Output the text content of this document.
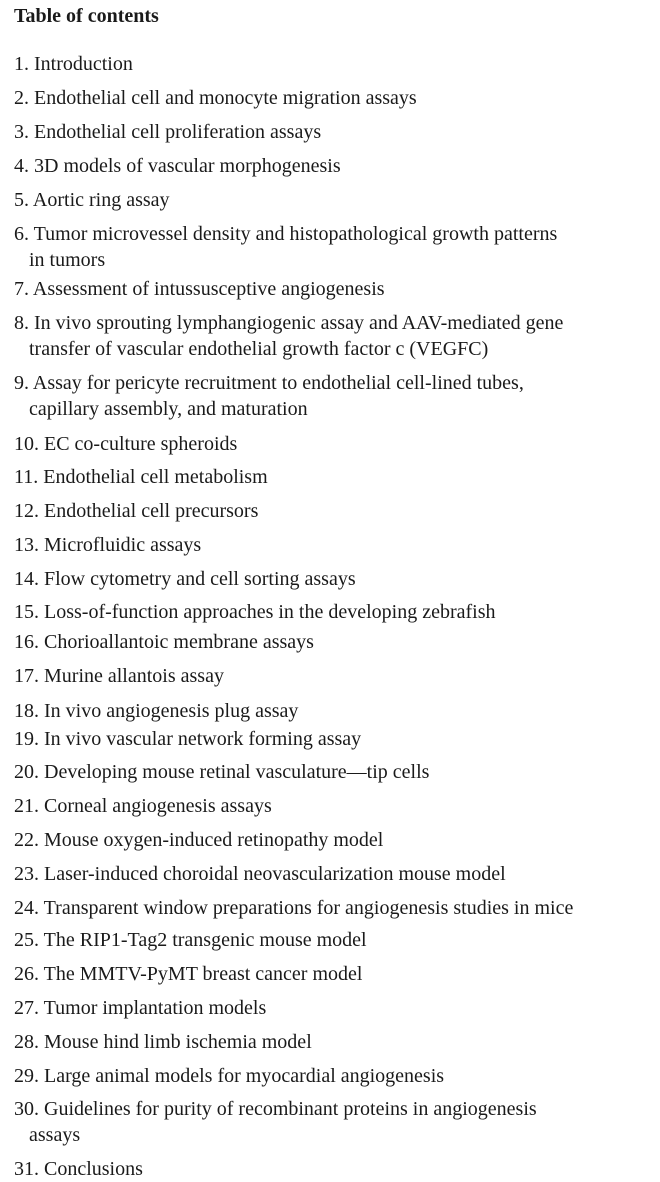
Table of contents

1. Introduction

2. Endothelial cell and monocyte migration assays

3. Endothelial cell proliferation assays

4. 3D models of vascular morphogenesis

5. Aortic ring assay

6. Tumor microvessel density and histopathological growth patterns

in tumors

7. Assessment of intussusceptive angiogenesis

8. In vivo sprouting lymphangiogenic assay and AAV-mediated gene

transfer of vascular endothelial growth factor c (VEGFC)

9. Assay for pericyte recruitment to endothelial cell-lined tubes,

capillary assembly, and maturation

10. EC co-culture spheroids

11. Endothelial cell metabolism

12. Endothelial cell precursors

13. Microfluidic assays

14. Flow cytometry and cell sorting assays

15. Loss-of-function approaches in the developing zebrafish

16. Chorioallantoic membrane assays

17. Murine allantois assay

18. In vivo angiogenesis plug assay

19. In vivo vascular network forming assay

20. Developing mouse retinal vasculature—tip cells

21. Corneal angiogenesis assays

22. Mouse oxygen-induced retinopathy model

23. Laser-induced choroidal neovascularization mouse model

24. Transparent window preparations for angiogenesis studies in mice

25. The RIP1-Tag2 transgenic mouse model

26. The MMTV-PyMT breast cancer model

27. Tumor implantation models

28. Mouse hind limb ischemia model

29. Large animal models for myocardial angiogenesis

30. Guidelines for purity of recombinant proteins in angiogenesis

assays

31. Conclusions
